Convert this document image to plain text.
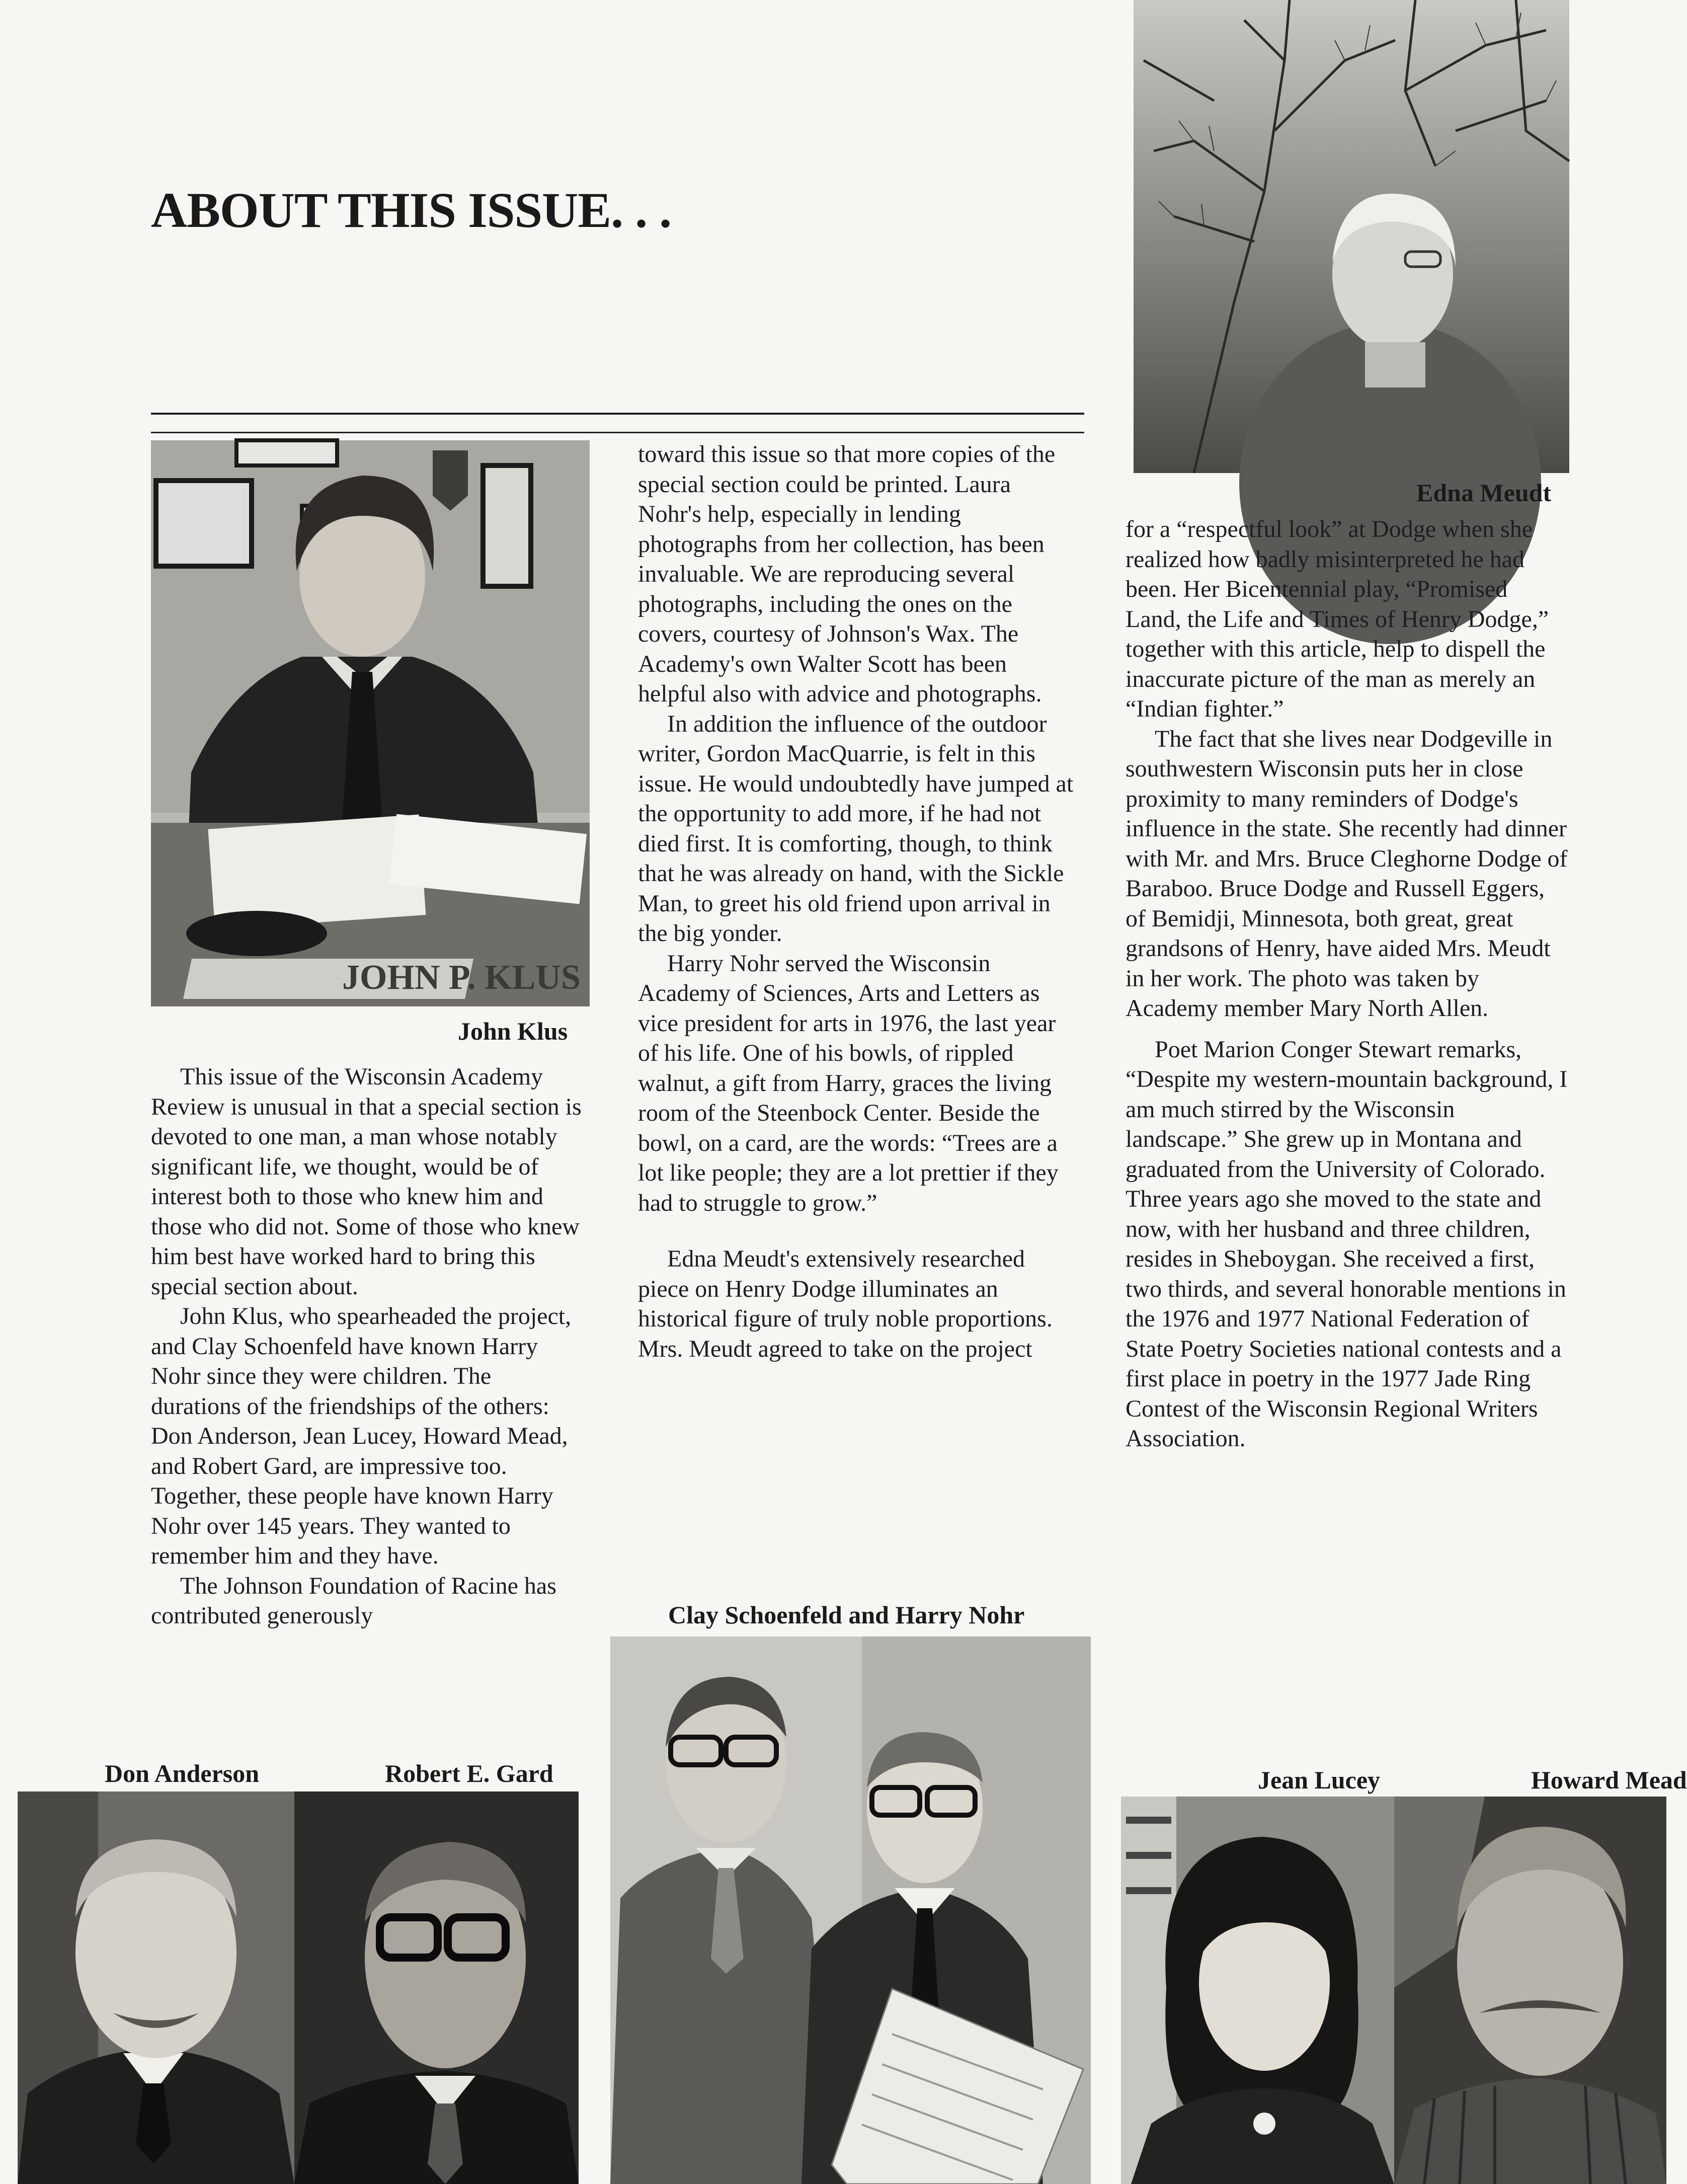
ABOUT THIS ISSUE. . .
Edna Meudt
JOHN P. KLUS
John Klus

This issue of the Wisconsin Academy Review is unusual in that a special section is devoted to one man, a man whose notably significant life, we thought, would be of interest both to those who knew him and those who did not. Some of those who knew him best have worked hard to bring this special section about.

John Klus, who spearheaded the project, and Clay Schoenfeld have known Harry Nohr since they were children. The durations of the friendships of the others: Don Anderson, Jean Lucey, Howard Mead, and Robert Gard, are impressive too. Together, these people have known Harry Nohr over 145 years. They wanted to remember him and they have.

The Johnson Foundation of Racine has contributed generously

toward this issue so that more copies of the special section could be printed. Laura Nohr's help, especially in lending photographs from her collection, has been invaluable. We are reproducing several photographs, including the ones on the covers, courtesy of Johnson's Wax. The Academy's own Walter Scott has been helpful also with advice and photographs.

In addition the influence of the outdoor writer, Gordon MacQuarrie, is felt in this issue. He would undoubtedly have jumped at the opportunity to add more, if he had not died first. It is comforting, though, to think that he was already on hand, with the Sickle Man, to greet his old friend upon arrival in the big yonder.

Harry Nohr served the Wisconsin Academy of Sciences, Arts and Letters as vice president for arts in 1976, the last year of his life. One of his bowls, of rippled walnut, a gift from Harry, graces the living room of the Steenbock Center. Beside the bowl, on a card, are the words: “Trees are a lot like people; they are a lot prettier if they had to struggle to grow.”

Edna Meudt's extensively researched piece on Henry Dodge illuminates an historical figure of truly noble proportions. Mrs. Meudt agreed to take on the project

for a “respectful look” at Dodge when she realized how badly misinterpreted he had been. Her Bicentennial play, “Promised Land, the Life and Times of Henry Dodge,” together with this article, help to dispell the inaccurate picture of the man as merely an “Indian fighter.”

The fact that she lives near Dodgeville in southwestern Wisconsin puts her in close proximity to many reminders of Dodge's influence in the state. She recently had dinner with Mr. and Mrs. Bruce Cleghorne Dodge of Baraboo. Bruce Dodge and Russell Eggers, of Bemidji, Minnesota, both great, great grandsons of Henry, have aided Mrs. Meudt in her work. The photo was taken by Academy member Mary North Allen.

Poet Marion Conger Stewart remarks, “Despite my western-mountain background, I am much stirred by the Wisconsin landscape.” She grew up in Montana and graduated from the University of Colorado. Three years ago she moved to the state and now, with her husband and three children, resides in Sheboygan. She received a first, two thirds, and several honorable mentions in the 1976 and 1977 National Federation of State Poetry Societies national contests and a first place in poetry in the 1977 Jade Ring Contest of the Wisconsin Regional Writers Association.

Clay Schoenfeld and Harry Nohr
Don Anderson	Robert E. Gard	Jean Lucey	Howard Mead
